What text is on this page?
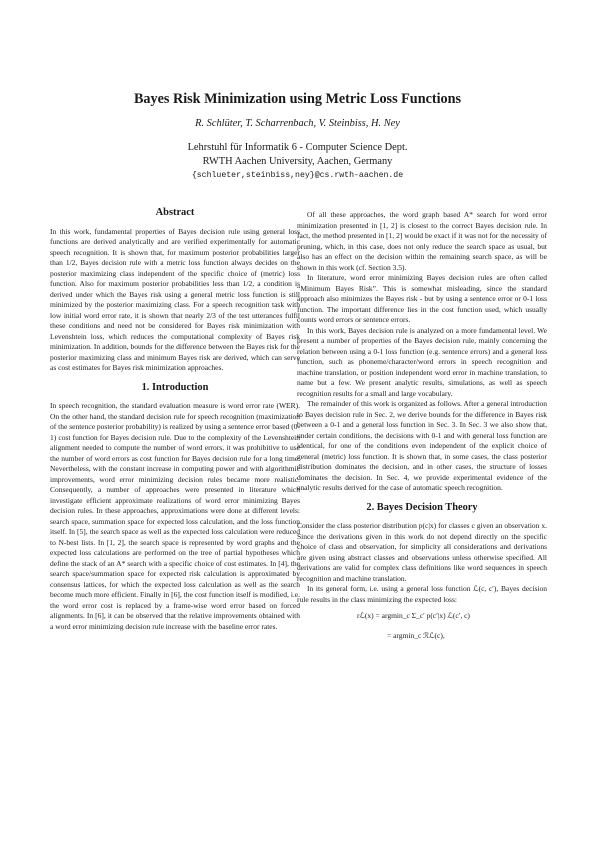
Bayes Risk Minimization using Metric Loss Functions

R. Schlüter, T. Scharrenbach, V. Steinbiss, H. Ney

Lehrstuhl für Informatik 6 - Computer Science Dept.
RWTH Aachen University, Aachen, Germany
{schlueter,steinbiss,ney}@cs.rwth-aachen.de
Abstract

In this work, fundamental properties of Bayes decision rule using general loss functions are derived analytically and are verified experimentally for automatic speech recognition. It is shown that, for maximum posterior probabilities larger than 1/2, Bayes decision rule with a metric loss function always decides on the posterior maximizing class independent of the specific choice of (metric) loss function. Also for maximum posterior probabilities less than 1/2, a condition is derived under which the Bayes risk using a general metric loss function is still minimized by the posterior maximizing class. For a speech recognition task with low initial word error rate, it is shown that nearly 2/3 of the test utterances fulfil these conditions and need not be considered for Bayes risk minimization with Levenshtein loss, which reduces the computational complexity of Bayes risk minimization. In addition, bounds for the difference between the Bayes risk for the posterior maximizing class and minimum Bayes risk are derived, which can serve as cost estimates for Bayes risk minimization approaches.

1. Introduction

In speech recognition, the standard evaluation measure is word error rate (WER). On the other hand, the standard decision rule for speech recognition (maximization of the sentence posterior probability) is realized by using a sentence error based (0-1) cost function for Bayes decision rule. Due to the complexity of the Levenshtein alignment needed to compute the number of word errors, it was prohibitive to use the number of word errors as cost function for Bayes decision rule for a long time. Nevertheless, with the constant increase in computing power and with algorithmic improvements, word error minimizing decision rules became more realistic. Consequently, a number of approaches were presented in literature which investigate efficient approximate realizations of word error minimizing Bayes decision rules. In these approaches, approximations were done at different levels: search space, summation space for expected loss calculation, and the loss function itself. In [5], the search space as well as the expected loss calculation were reduced to N-best lists. In [1, 2], the search space is represented by word graphs and the expected loss calculations are performed on the tree of partial hypotheses which define the stack of an A* search with a specific choice of cost estimates. In [4], the search space/summation space for expected risk calculation is approximated by consensus lattices, for which the expected loss calculation as well as the search become much more efficient. Finally in [6], the cost function itself is modified, i.e. the word error cost is replaced by a frame-wise word error based on forced alignments. In [6], it can be observed that the relative improvements obtained with a word error minimizing decision rule increase with the baseline error rates.

Of all these approaches, the word graph based A* search for word error minimization presented in [1, 2] is closest to the correct Bayes decision rule. In fact, the method presented in [1, 2] would be exact if it was not for the necessity of pruning, which, in this case, does not only reduce the search space as usual, but also has an effect on the decision within the remaining search space, as will be shown in this work (cf. Section 3.5).

In literature, word error minimizing Bayes decision rules are often called “Minimum Bayes Risk”. This is somewhat misleading, since the standard approach also minimizes the Bayes risk - but by using a sentence error or 0-1 loss function. The important difference lies in the cost function used, which usually counts word errors or sentence errors.

In this work, Bayes decision rule is analyzed on a more fundamental level. We present a number of properties of the Bayes decision rule, mainly concerning the relation between using a 0-1 loss function (e.g. sentence errors) and a general loss function, such as phoneme/character/word errors in speech recognition and machine translation, or position independent word error in machine translation, to name but a few. We present analytic results, simulations, as well as speech recognition results for a small and large vocabulary.

The remainder of this work is organized as follows. After a general introduction to Bayes decision rule in Sec. 2, we derive bounds for the difference in Bayes risk between a 0-1 and a general loss function in Sec. 3. In Sec. 3 we also show that, under certain conditions, the decisions with 0-1 and with general loss function are identical, for one of the conditions even independent of the explicit choice of general (metric) loss function. It is shown that, in some cases, the class posterior distribution dominates the decision, and in other cases, the structure of losses dominates the decision. In Sec. 4, we provide experimental evidence of the analytic results derived for the case of automatic speech recognition.

2. Bayes Decision Theory

Consider the class posterior distribution p(c|x) for classes c given an observation x. Since the derivations given in this work do not depend directly on the specific choice of class and observation, for simplicity all considerations and derivations are given using abstract classes and observations unless otherwise specified. All derivations are valid for complex class definitions like word sequences in speech recognition and machine translation.

In its general form, i.e. using a general loss function ℒ(c, c′), Bayes decision rule results in the class minimizing the expected loss:

rℒ(x) = argmin_c Σ_c′ p(c′|x) ℒ(c′, c)
= argmin_c ℛℒ(c),
